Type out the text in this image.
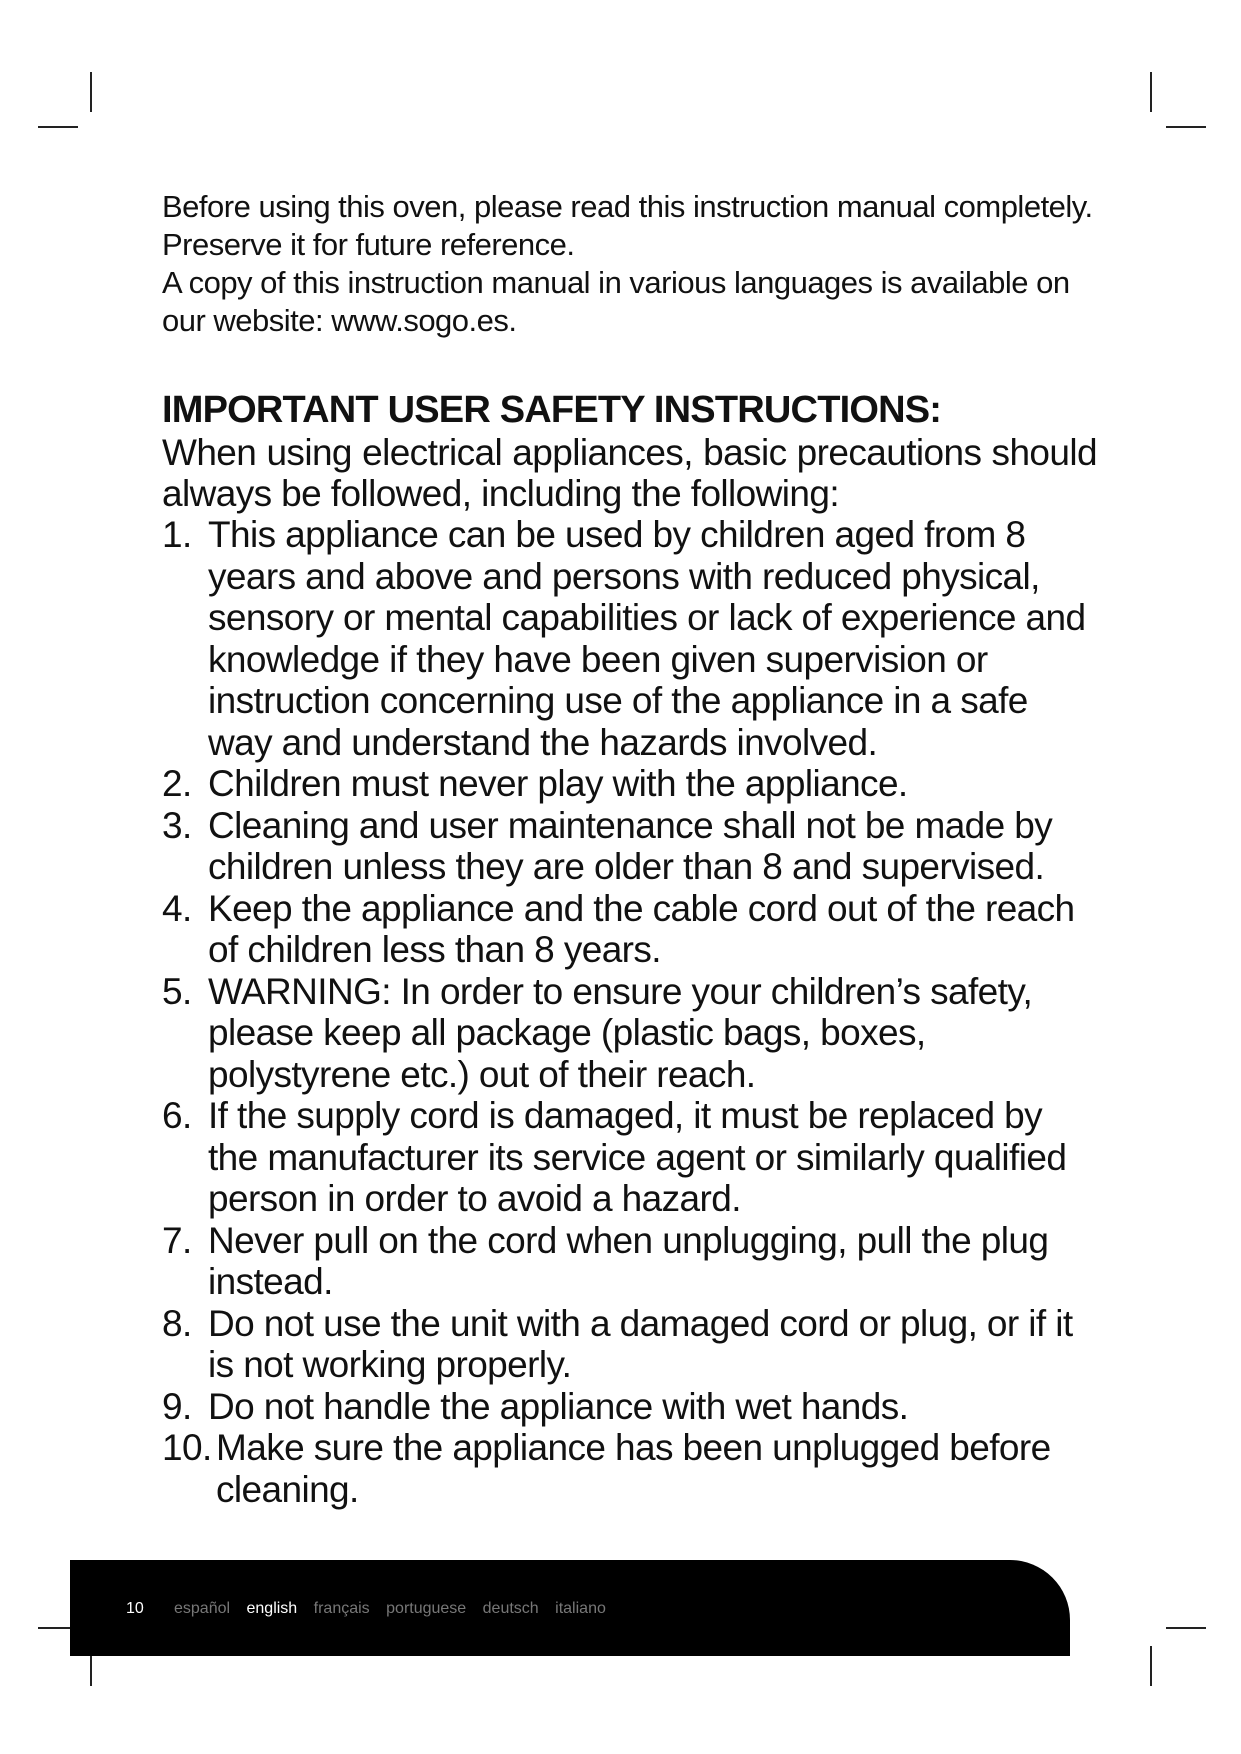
Before using this oven, please read this instruction manual completely.

Preserve it for future reference.

A copy of this instruction manual in various languages is available on our website: www.sogo.es.

IMPORTANT USER SAFETY INSTRUCTIONS:

When using electrical appliances, basic precautions should always be followed, including the following:

1. This appliance can be used by children aged from 8 years and above and persons with reduced physical, sensory or mental capabilities or lack of experience and knowledge if they have been given supervision or instruction concerning use of the appliance in a safe way and understand the hazards involved.
2. Children must never play with the appliance.
3. Cleaning and user maintenance shall not be made by children unless they are older than 8 and supervised.
4. Keep the appliance and the cable cord out of the reach of children less than 8 years.
5. WARNING: In order to ensure your children’s safety, please keep all package (plastic bags, boxes, polystyrene etc.) out of their reach.
6. If the supply cord is damaged, it must be replaced by the manufacturer its service agent or similarly qualified person in order to avoid a hazard.
7. Never pull on the cord when unplugging, pull the plug instead.
8. Do not use the unit with a damaged cord or plug, or if it is not working properly.
9. Do not handle the appliance with wet hands.
10. Make sure the appliance has been unplugged before cleaning.
10 español english français portuguese deutsch italiano
